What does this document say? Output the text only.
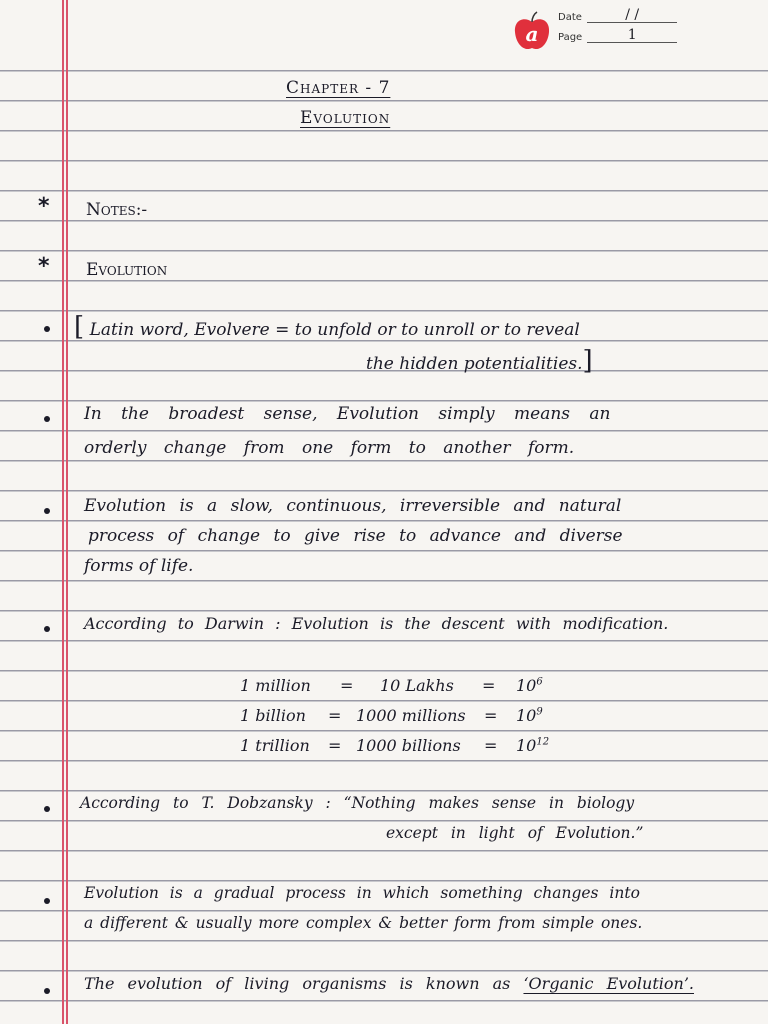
a
Date	/ /
Page	1
Chapter - 7
Evolution
* Notes:-
* Evolution
[ Latin word, Evolvere = to unfold or to unroll or to reveal
the hidden potentialities.]
In the broadest sense, Evolution simply means an
orderly change from one form to another form.
Evolution is a slow, continuous, irreversible and natural
process of change to give rise to advance and diverse
forms of life.
According to Darwin : Evolution is the descent with modification.
1 million = 10 Lakhs = $10^6$
1 billion = 1000 millions = $10^9$
1 trillion = 1000 billions = $10^{12}$
According to T. Dobzansky : “Nothing makes sense in biology
except in light of Evolution.”
Evolution is a gradual process in which something changes into
a different & usually more complex & better form from simple ones.
The evolution of living organisms is known as ‘Organic Evolution’.
